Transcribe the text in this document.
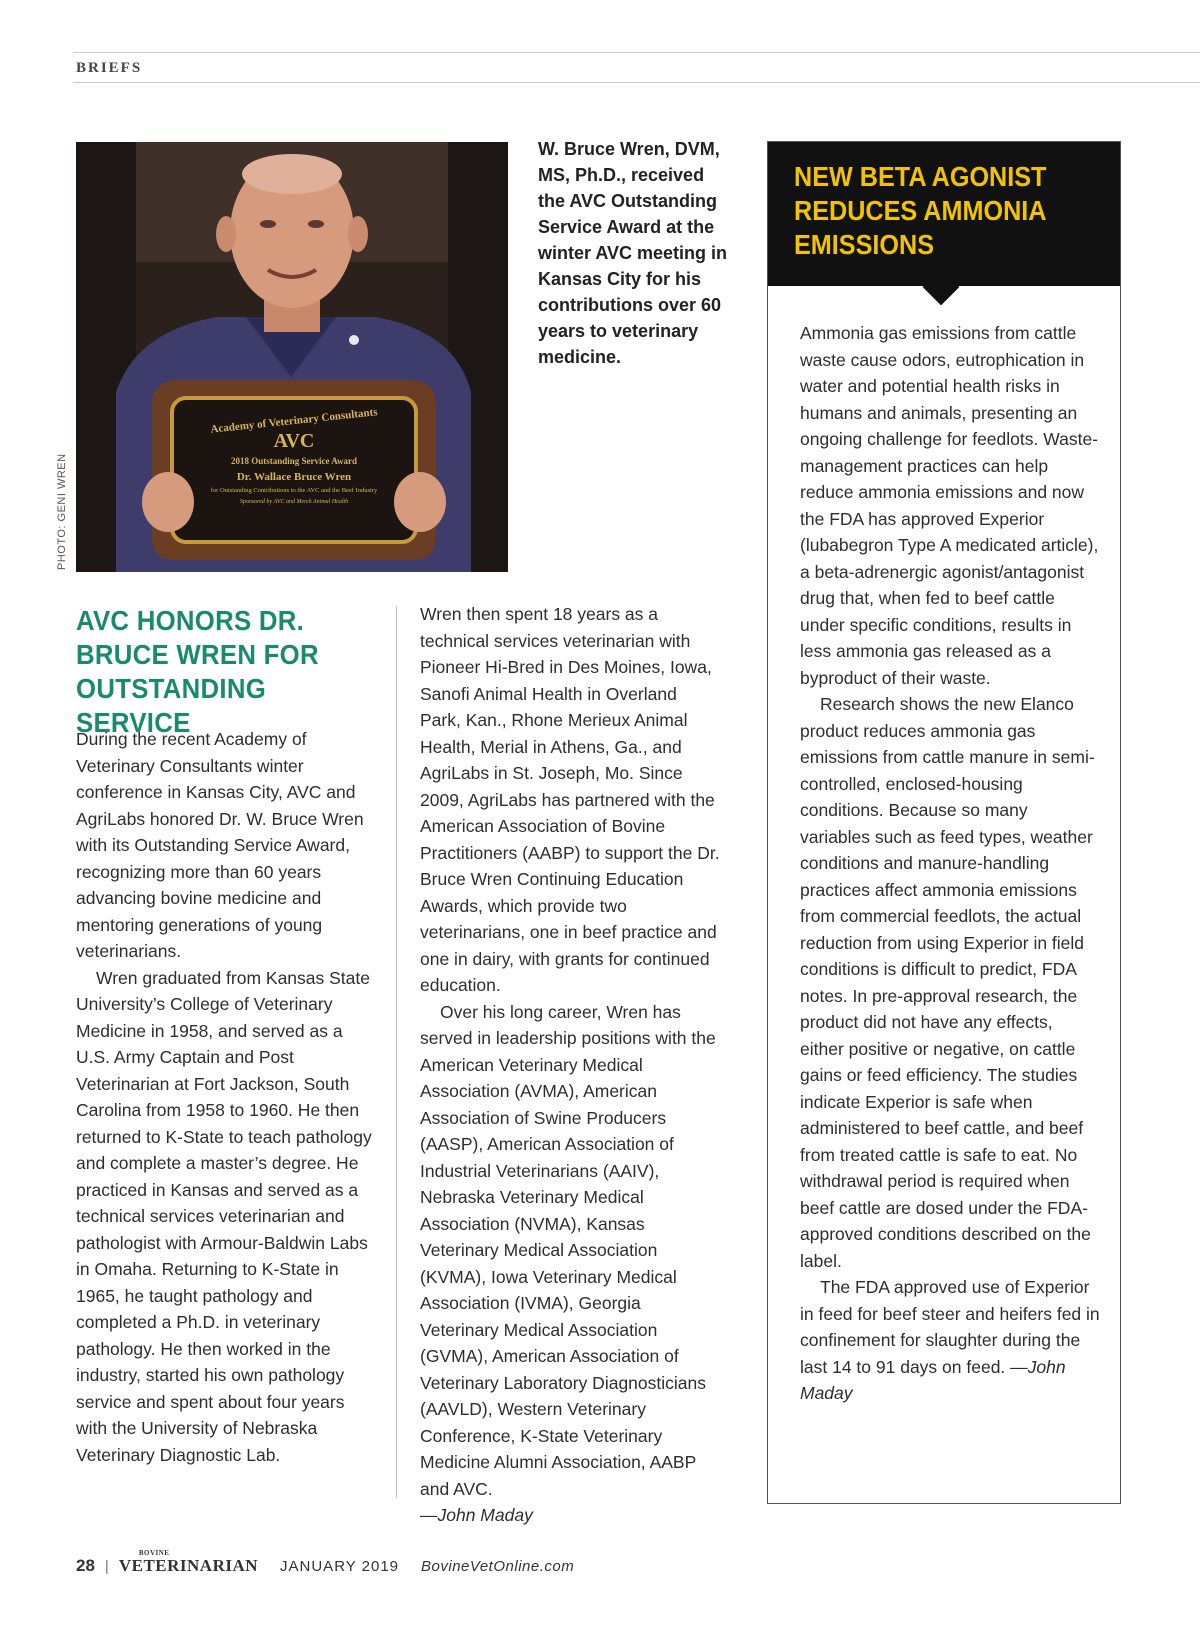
BRIEFS
PHOTO: GENI WREN
Academy of Veterinary Consultants
AVC
2018 Outstanding Service Award
Dr. Wallace Bruce Wren
for Outstanding Contributions to the AVC and the Beef Industry
Sponsored by AVC and Merck Animal Health
W. Bruce Wren, DVM, MS, Ph.D., received the AVC Outstanding Service Award at the winter AVC meeting in Kansas City for his contributions over 60 years to veterinary medicine.
AVC HONORS DR. BRUCE WREN FOR OUTSTANDING SERVICE

During the recent Academy of Veterinary Consultants winter conference in Kansas City, AVC and AgriLabs honored Dr. W. Bruce Wren with its Outstanding Service Award, recognizing more than 60 years advancing bovine medicine and mentoring generations of young veterinarians.

Wren graduated from Kansas State University’s College of Veterinary Medicine in 1958, and served as a U.S. Army Captain and Post Veterinarian at Fort Jackson, South Carolina from 1958 to 1960. He then returned to K-State to teach pathology and complete a master’s degree. He practiced in Kansas and served as a technical services veterinarian and pathologist with Armour-Baldwin Labs in Omaha. Returning to K-State in 1965, he taught pathology and completed a Ph.D. in veterinary pathology. He then worked in the industry, started his own pathology service and spent about four years with the University of Nebraska Veterinary Diagnostic Lab.

Wren then spent 18 years as a technical services veterinarian with Pioneer Hi-Bred in Des Moines, Iowa, Sanofi Animal Health in Overland Park, Kan., Rhone Merieux Animal Health, Merial in Athens, Ga., and AgriLabs in St. Joseph, Mo. Since 2009, AgriLabs has partnered with the American Association of Bovine Practitioners (AABP) to support the Dr. Bruce Wren Continuing Education Awards, which provide two veterinarians, one in beef practice and one in dairy, with grants for continued education.

Over his long career, Wren has served in leadership positions with the American Veterinary Medical Association (AVMA), American Association of Swine Producers (AASP), American Association of Industrial Veterinarians (AAIV), Nebraska Veterinary Medical Association (NVMA), Kansas Veterinary Medical Association (KVMA), Iowa Veterinary Medical Association (IVMA), Georgia Veterinary Medical Association (GVMA), American Association of Veterinary Laboratory Diagnosticians (AAVLD), Western Veterinary Conference, K-State Veterinary Medicine Alumni Association, AABP and AVC.

—John Maday
NEW BETA AGONIST REDUCES AMMONIA EMISSIONS

Ammonia gas emissions from cattle waste cause odors, eutrophication in water and potential health risks in humans and animals, presenting an ongoing challenge for feedlots. Waste-management practices can help reduce ammonia emissions and now the FDA has approved Experior (lubabegron Type A medicated article), a beta-adrenergic agonist/antagonist drug that, when fed to beef cattle under specific conditions, results in less ammonia gas released as a byproduct of their waste.

Research shows the new Elanco product reduces ammonia gas emissions from cattle manure in semi-controlled, enclosed-housing conditions. Because so many variables such as feed types, weather conditions and manure-handling practices affect ammonia emissions from commercial feedlots, the actual reduction from using Experior in field conditions is difficult to predict, FDA notes. In pre-approval research, the product did not have any effects, either positive or negative, on cattle gains or feed efficiency. The studies indicate Experior is safe when administered to beef cattle, and beef from treated cattle is safe to eat. No withdrawal period is required when beef cattle are dosed under the FDA-approved conditions described on the label.

The FDA approved use of Experior in feed for beef steer and heifers fed in confinement for slaughter during the last 14 to 91 days on feed. —John Maday

28 |
BOVINE
VETERINARIAN JANUARY 2019 BovineVetOnline.com
